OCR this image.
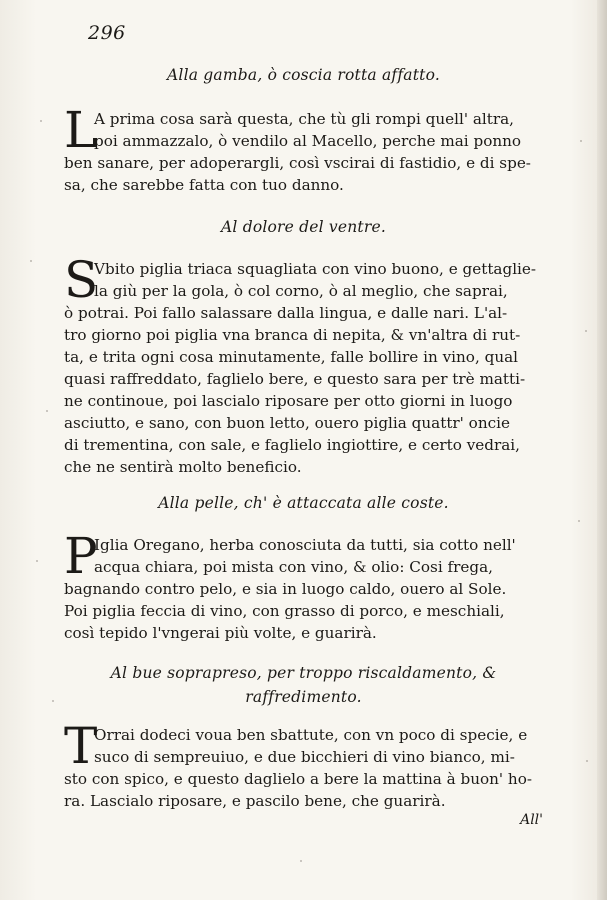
296
Alla gamba, ò coscia rotta affatto.
L
A prima cosa sarà questa, che tù gli rompi quell' altra,
poi ammazzalo, ò vendilo al Macello, perche mai ponno
ben sanare, per adoperargli, così vscirai di fastidio, e di spe-
sa, che sarebbe fatta con tuo danno.
Al dolore del ventre.
S
Vbito piglia triaca squagliata con vino buono, e gettaglie-
la giù per la gola, ò col corno, ò al meglio, che saprai,
ò potrai. Poi fallo salassare dalla lingua, e dalle nari. L'al-
tro giorno poi piglia vna branca di nepita, & vn'altra di rut-
ta, e trita ogni cosa minutamente, falle bollire in vino, qual
quasi raffreddato, faglielo bere, e questo sara per trè matti-
ne continoue, poi lascialo riposare per otto giorni in luogo
asciutto, e sano, con buon letto, ouero piglia quattr' oncie
di trementina, con sale, e faglielo ingiottire, e certo vedrai,
che ne sentirà molto beneficio.
Alla pelle, ch' è attaccata alle coste.
P
Iglia Oregano, herba conosciuta da tutti, sia cotto nell'
acqua chiara, poi mista con vino, & olio: Cosi frega,
bagnando contro pelo, e sia in luogo caldo, ouero al Sole.
Poi piglia feccia di vino, con grasso di porco, e meschiali,
così tepido l'vngerai più volte, e guarirà.
Al bue soprapreso, per troppo riscaldamento, &
raffredimento.
T
Orrai dodeci voua ben sbattute, con vn poco di specie, e
suco di sempreuiuo, e due bicchieri di vino bianco, mi-
sto con spico, e questo daglielo a bere la mattina à buon' ho-
ra. Lascialo riposare, e pascilo bene, che guarirà.
All'
